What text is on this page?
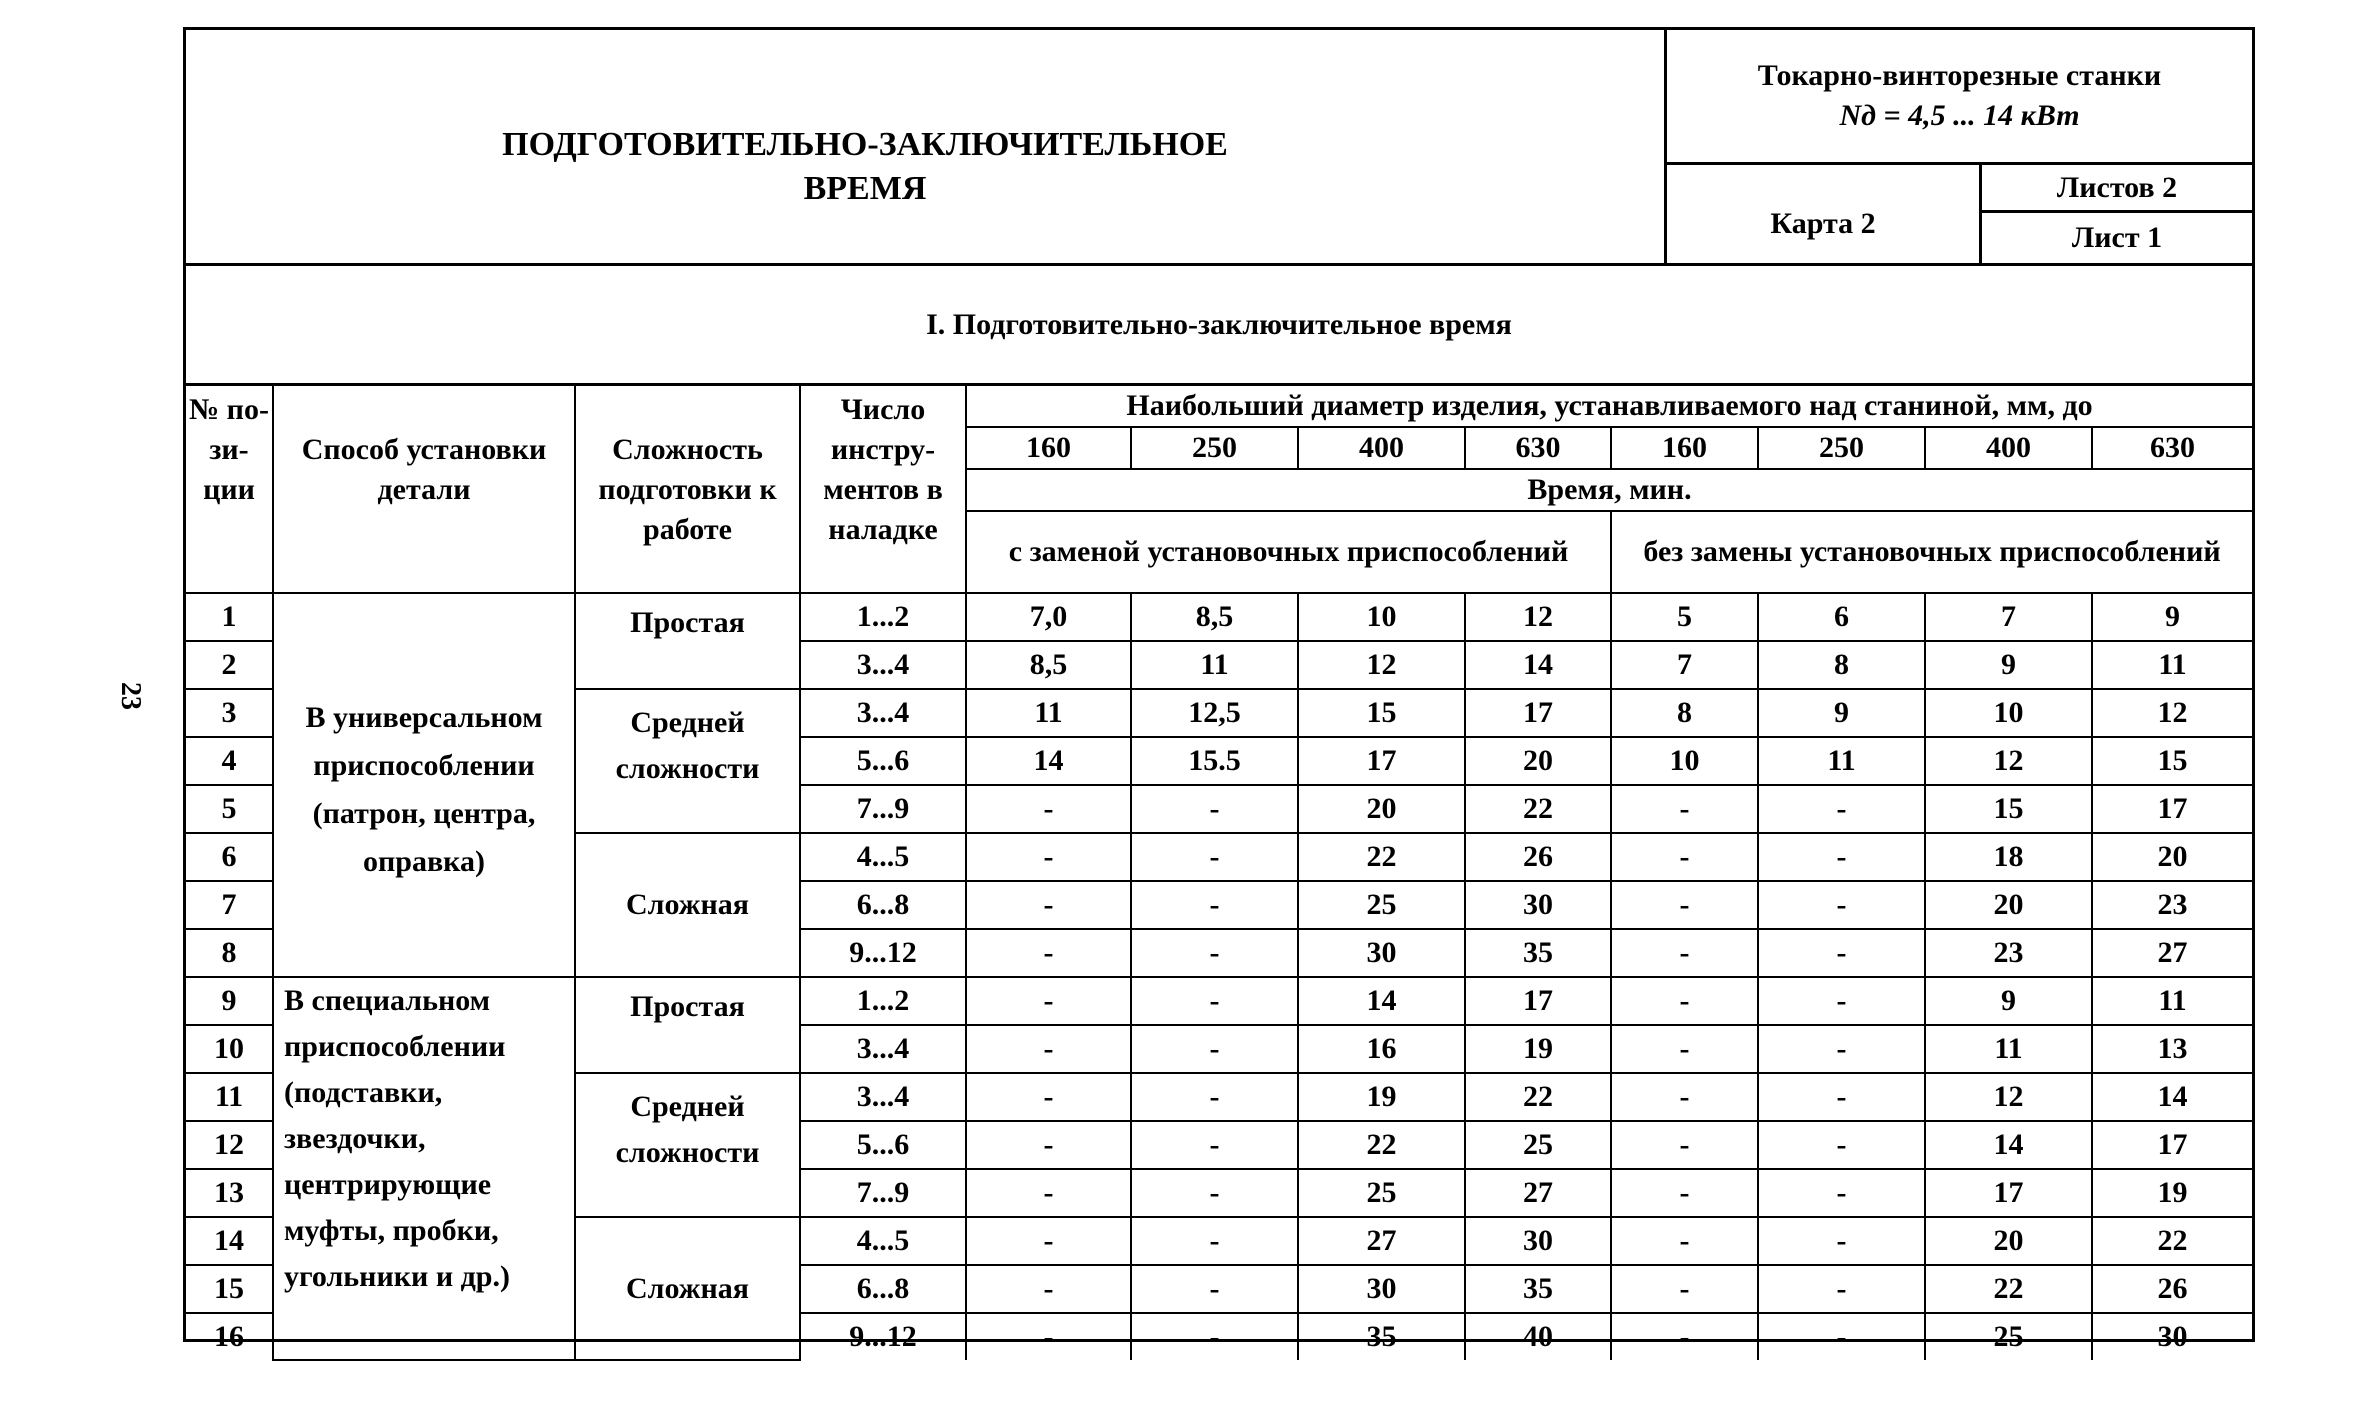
23
ПОДГОТОВИТЕЛЬНО-ЗАКЛЮЧИТЕЛЬНОЕ
ВРЕМЯ
Токарно-винторезные станки
Nд = 4,5 ... 14 кВт
Карта 2
Листов 2
Лист 1
I. Подготовительно-заключительное время
№ по-зи-ции	Способ установки детали	Сложность подготовки к работе	Число инстру-ментов в наладке	Наибольший диаметр изделия, устанавливаемого над станиной, мм, до							
				160	250	400	630	160	250	400	630
				Время, мин.							
				с заменой установочных приспособлений				без замены установочных приспособлений			
1	В универсальном приспособлении (патрон, центра, оправка)	Простая	1...2	7,0	8,5	10	12	5	6	7	9
2			3...4	8,5	11	12	14	7	8	9	11
3		Средней сложности	3...4	11	12,5	15	17	8	9	10	12
4			5...6	14	15.5	17	20	10	11	12	15
5			7...9	-	-	20	22	-	-	15	17
6		Сложная	4...5	-	-	22	26	-	-	18	20
7			6...8	-	-	25	30	-	-	20	23
8			9...12	-	-	30	35	-	-	23	27
9	В специальном приспособлении (подставки, звездочки, центрирующие муфты, пробки, угольники и др.)	Простая	1...2	-	-	14	17	-	-	9	11
10			3...4	-	-	16	19	-	-	11	13
11		Средней сложности	3...4	-	-	19	22	-	-	12	14
12			5...6	-	-	22	25	-	-	14	17
13			7...9	-	-	25	27	-	-	17	19
14		Сложная	4...5	-	-	27	30	-	-	20	22
15			6...8	-	-	30	35	-	-	22	26
16			9...12	-	-	35	40	-	-	25	30
